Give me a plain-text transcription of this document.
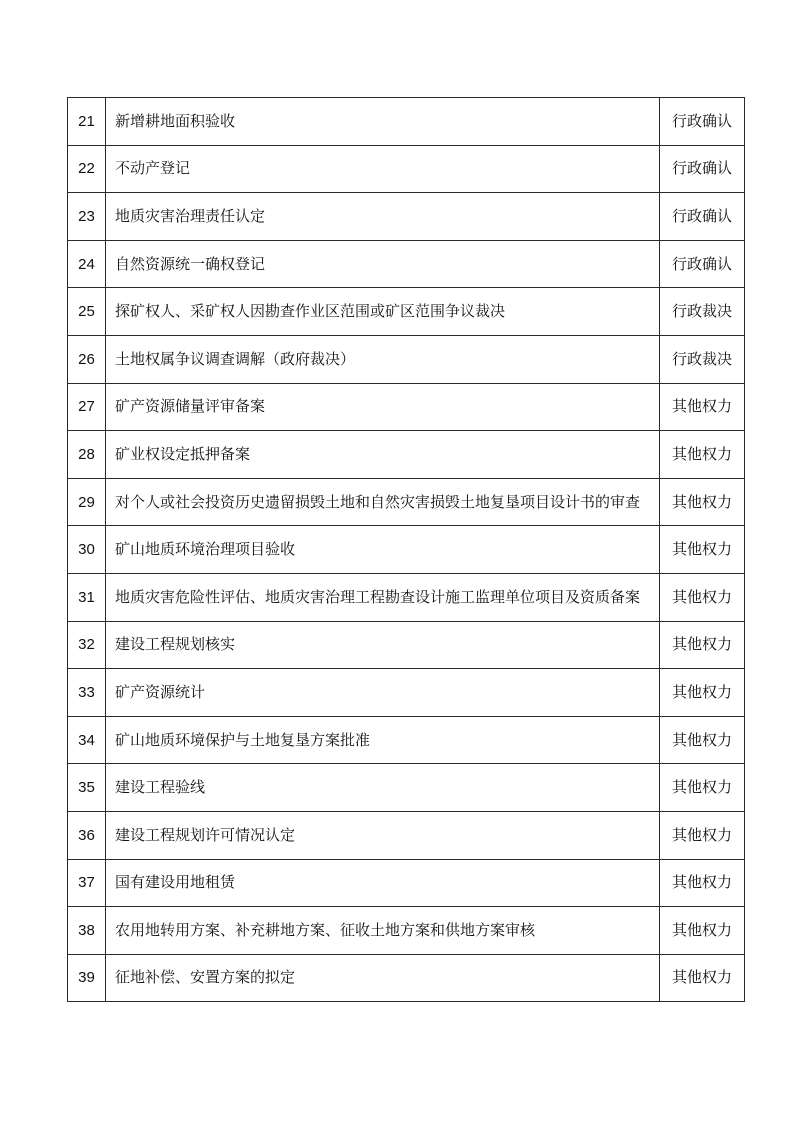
21	新增耕地面积验收	行政确认
22	不动产登记	行政确认
23	地质灾害治理责任认定	行政确认
24	自然资源统一确权登记	行政确认
25	探矿权人、采矿权人因勘查作业区范围或矿区范围争议裁决	行政裁决
26	土地权属争议调查调解（政府裁决）	行政裁决
27	矿产资源储量评审备案	其他权力
28	矿业权设定抵押备案	其他权力
29	对个人或社会投资历史遗留损毁土地和自然灾害损毁土地复垦项目设计书的审查	其他权力
30	矿山地质环境治理项目验收	其他权力
31	地质灾害危险性评估、地质灾害治理工程勘查设计施工监理单位项目及资质备案	其他权力
32	建设工程规划核实	其他权力
33	矿产资源统计	其他权力
34	矿山地质环境保护与土地复垦方案批准	其他权力
35	建设工程验线	其他权力
36	建设工程规划许可情况认定	其他权力
37	国有建设用地租赁	其他权力
38	农用地转用方案、补充耕地方案、征收土地方案和供地方案审核	其他权力
39	征地补偿、安置方案的拟定	其他权力
